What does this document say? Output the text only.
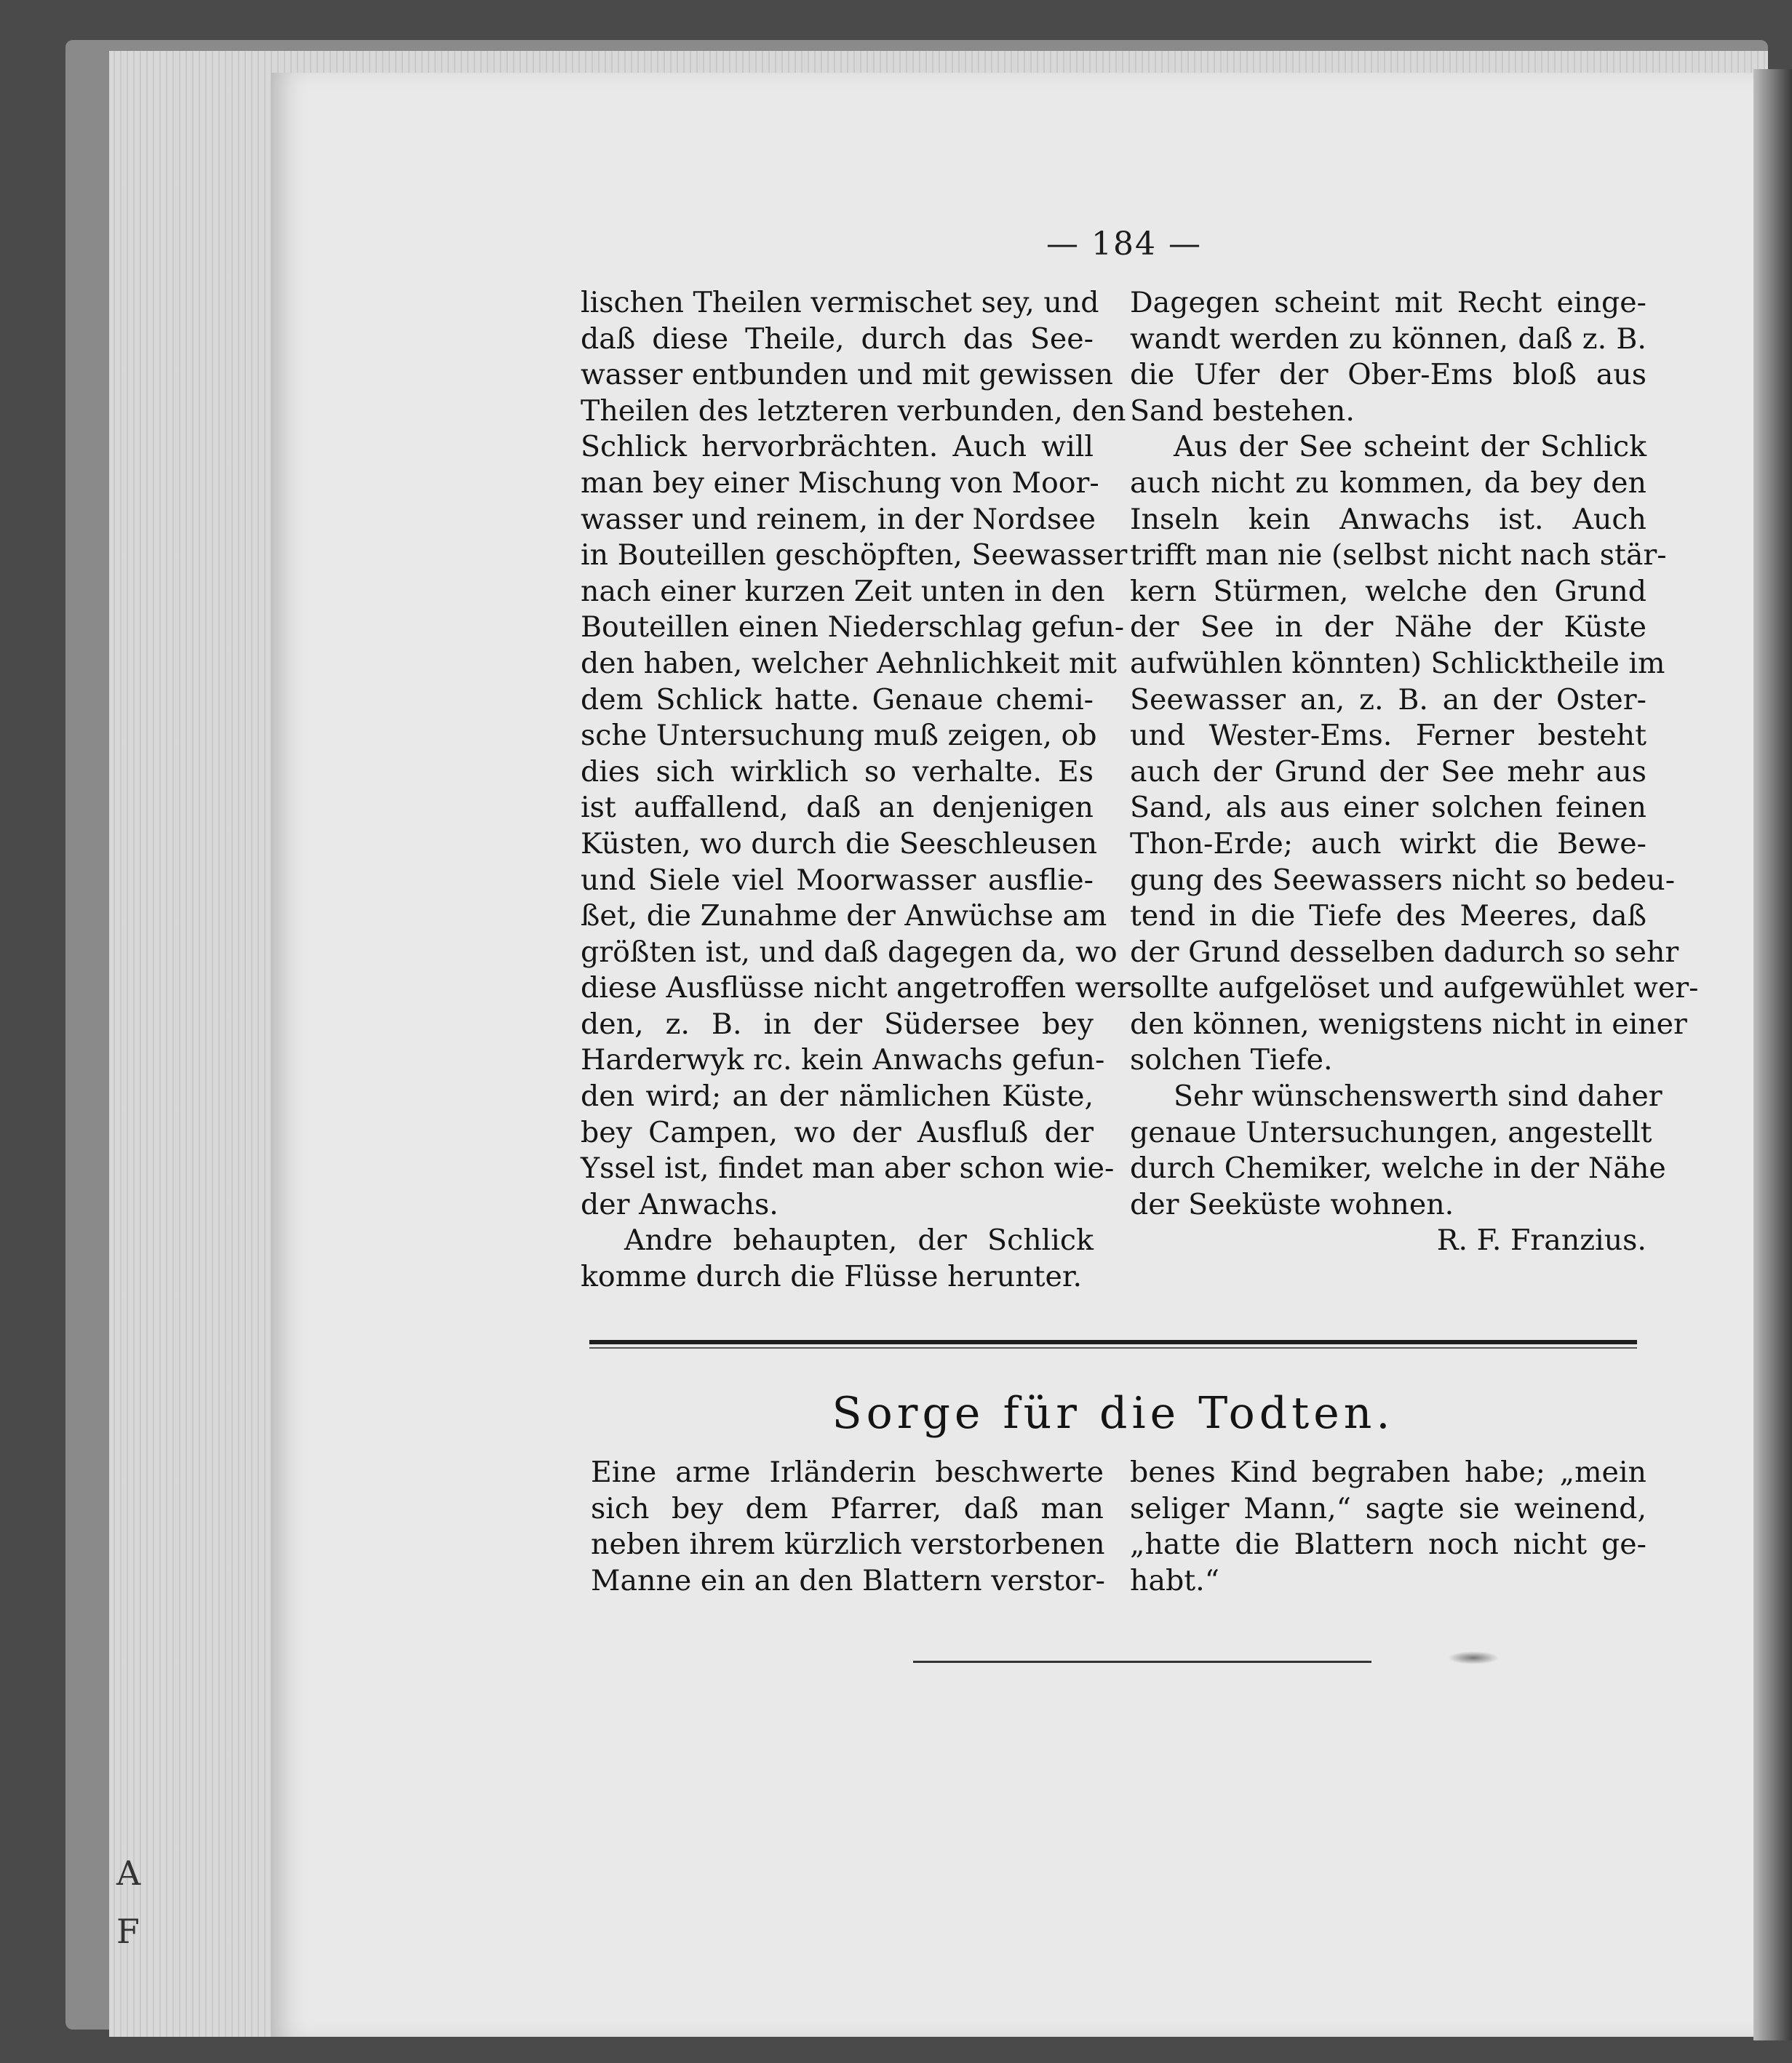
A
F
— 184 —
lischen Theilen vermischet sey, und
daß diese Theile, durch das See-
wasser entbunden und mit gewissen
Theilen des letzteren verbunden, den
Schlick hervorbrächten. Auch will
man bey einer Mischung von Moor-
wasser und reinem, in der Nordsee
in Bouteillen geschöpften, Seewasser
nach einer kurzen Zeit unten in den
Bouteillen einen Niederschlag gefun-
den haben, welcher Aehnlichkeit mit
dem Schlick hatte. Genaue chemi-
sche Untersuchung muß zeigen, ob
dies sich wirklich so verhalte. Es
ist auffallend, daß an denjenigen
Küsten, wo durch die Seeschleusen
und Siele viel Moorwasser ausflie-
ßet, die Zunahme der Anwüchse am
größten ist, und daß dagegen da, wo
diese Ausflüsse nicht angetroffen wer-
den, z. B. in der Südersee bey
Harderwyk rc. kein Anwachs gefun-
den wird; an der nämlichen Küste,
bey Campen, wo der Ausfluß der
Yssel ist, findet man aber schon wie-
der Anwachs.
Andre behaupten, der Schlick
komme durch die Flüsse herunter.
Dagegen scheint mit Recht einge-
wandt werden zu können, daß z. B.
die Ufer der Ober-Ems bloß aus
Sand bestehen.
Aus der See scheint der Schlick
auch nicht zu kommen, da bey den
Inseln kein Anwachs ist. Auch
trifft man nie (selbst nicht nach stär-
kern Stürmen, welche den Grund
der See in der Nähe der Küste
aufwühlen könnten) Schlicktheile im
Seewasser an, z. B. an der Oster-
und Wester-Ems. Ferner besteht
auch der Grund der See mehr aus
Sand, als aus einer solchen feinen
Thon-Erde; auch wirkt die Bewe-
gung des Seewassers nicht so bedeu-
tend in die Tiefe des Meeres, daß
der Grund desselben dadurch so sehr
sollte aufgelöset und aufgewühlet wer-
den können, wenigstens nicht in einer
solchen Tiefe.
Sehr wünschenswerth sind daher
genaue Untersuchungen, angestellt
durch Chemiker, welche in der Nähe
der Seeküste wohnen.
R. F. Franzius.
Sorge für die Todten.
Eine arme Irländerin beschwerte
sich bey dem Pfarrer, daß man
neben ihrem kürzlich verstorbenen
Manne ein an den Blattern verstor-
benes Kind begraben habe; „mein
seliger Mann,“ sagte sie weinend,
„hatte die Blattern noch nicht ge-
habt.“
